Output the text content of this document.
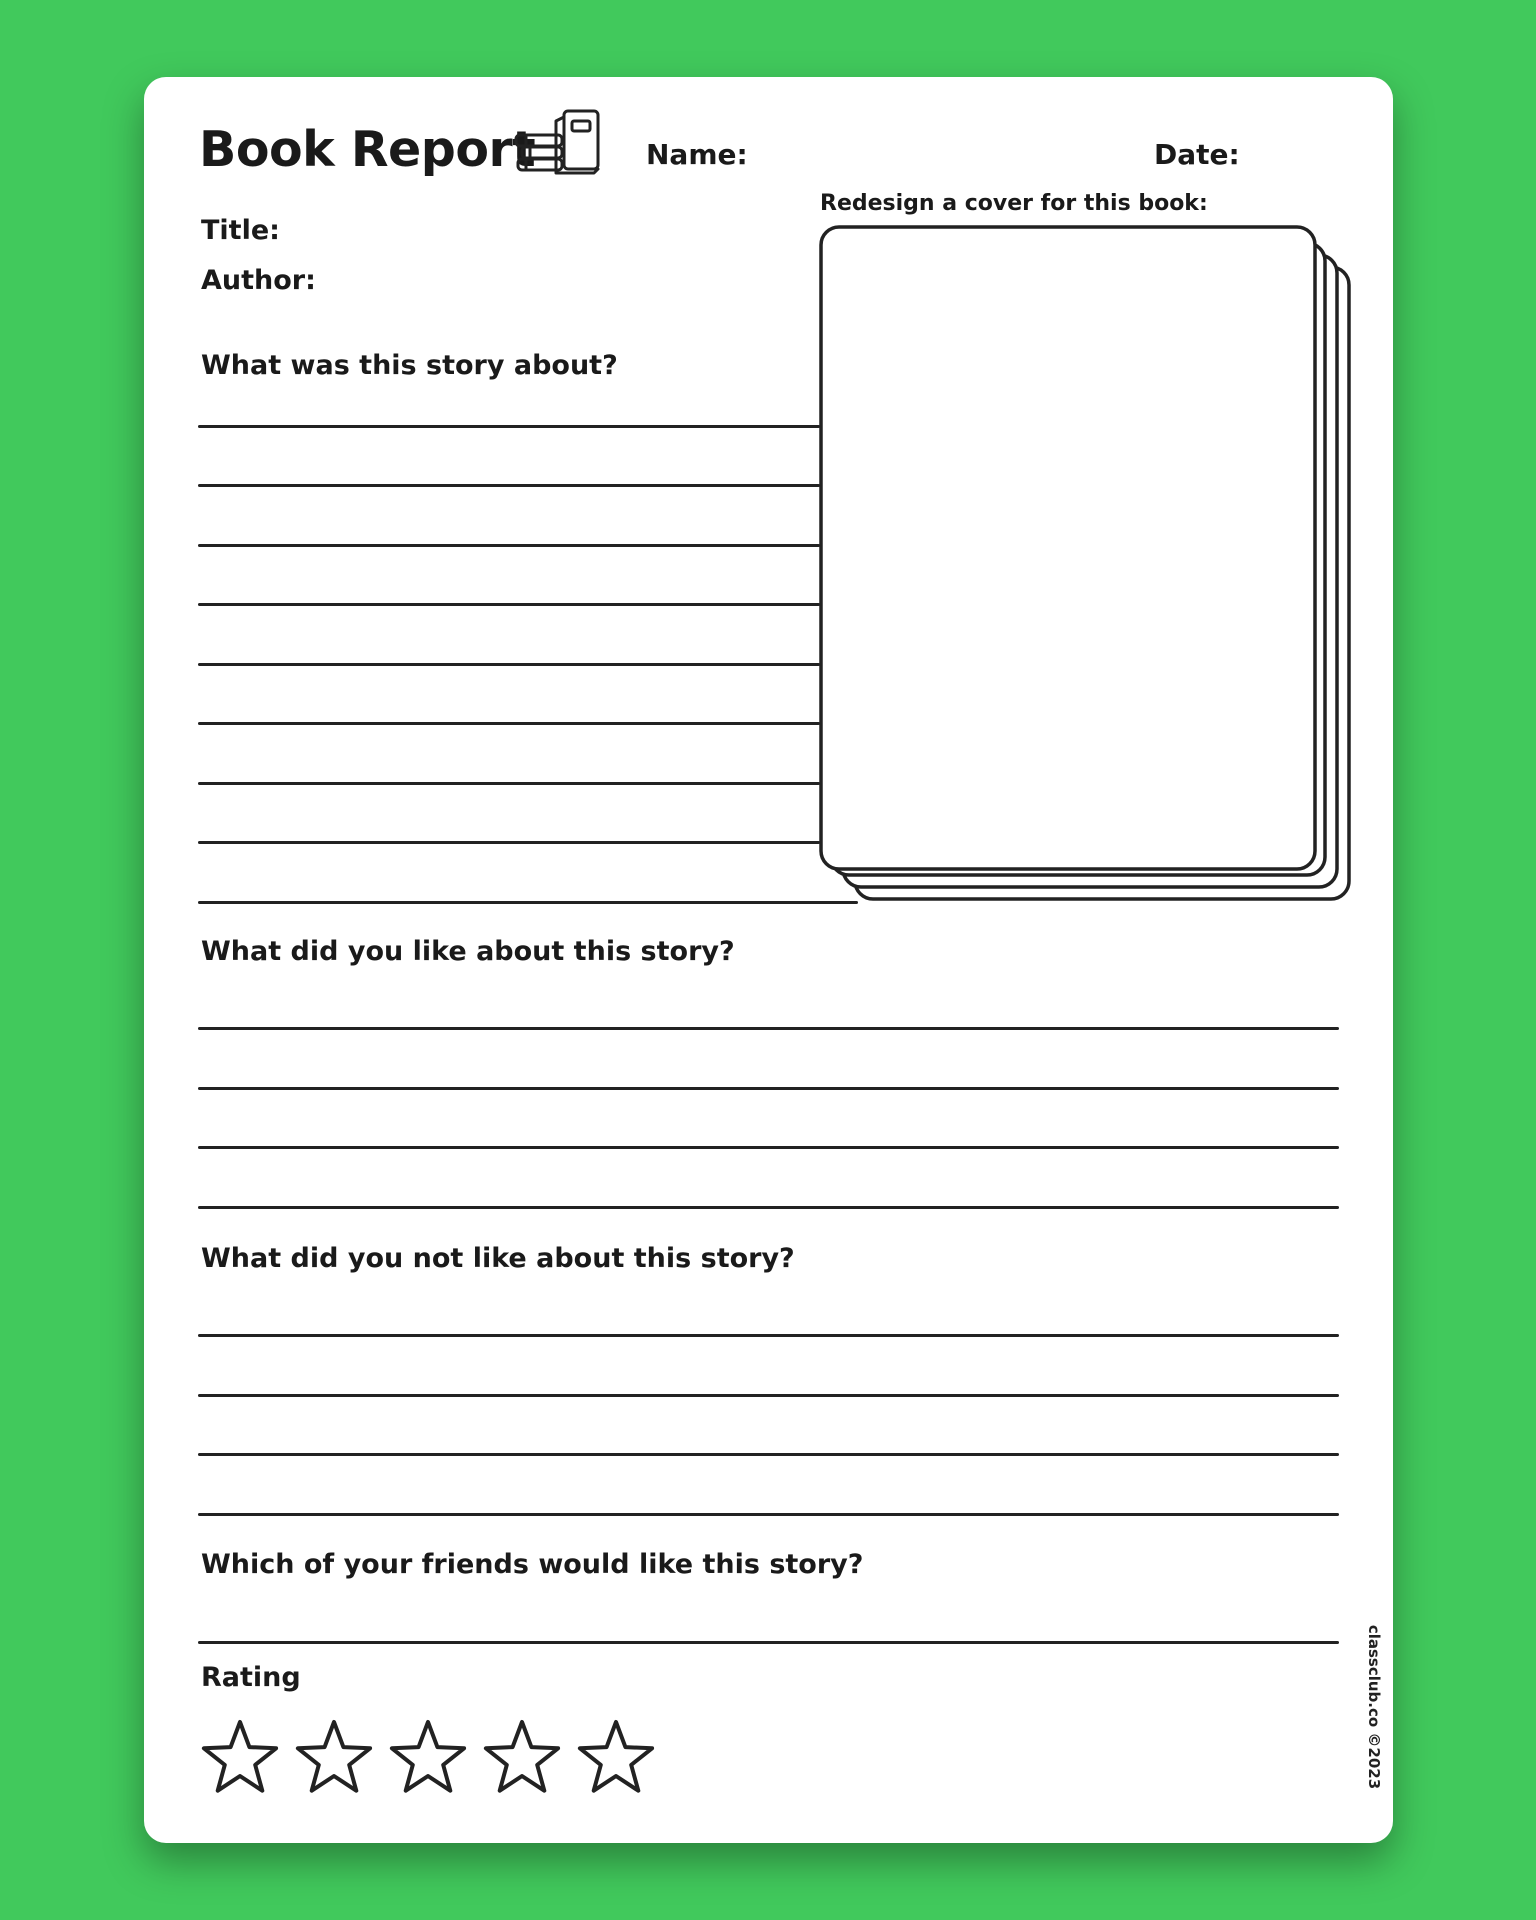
Book Report	Name:	Date:
Title:
Author:
Redesign a cover for this book:
What was this story about?
What did you like about this story?
What did you not like about this story?
Which of your friends would like this story?
Rating	classclub.co ©2023
